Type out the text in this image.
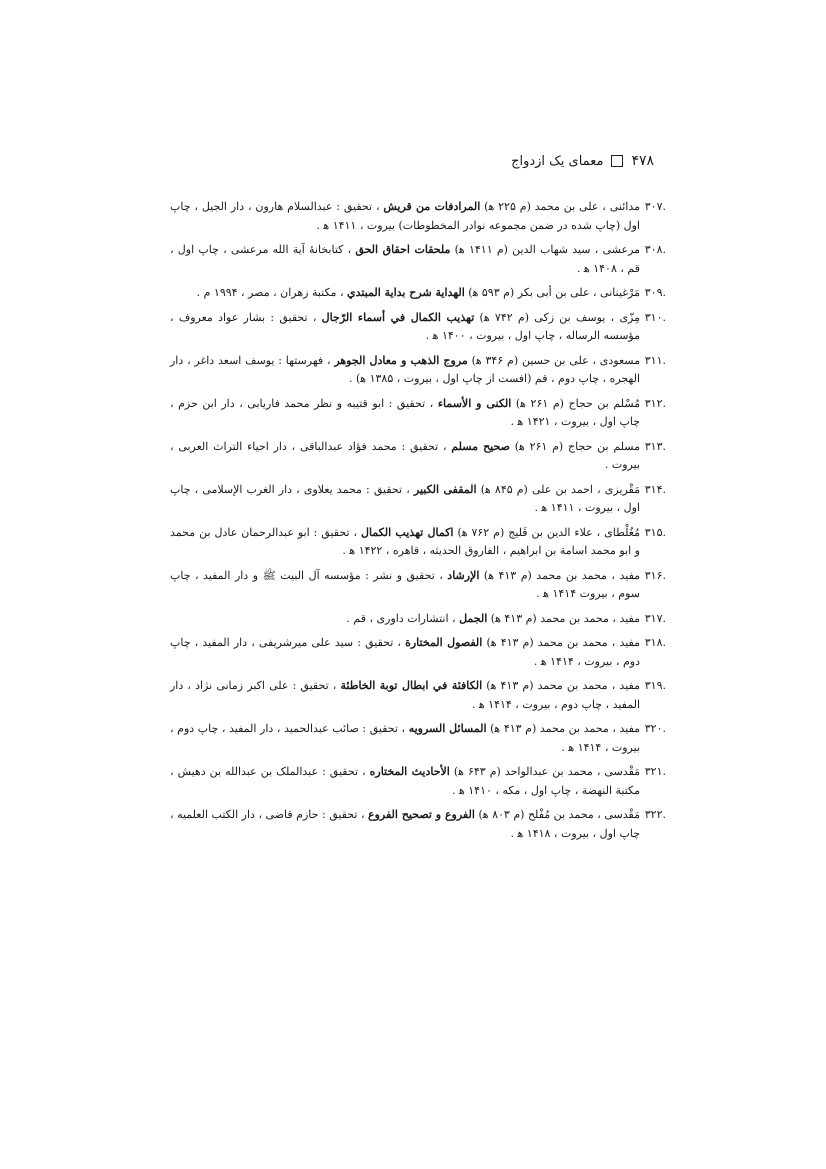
۴۷۸
معمای یک ازدواج
۳۰۷.
مدائنی ، علی بن محمد (م ۲۲۵ ﻫ) المرادفات من قريش ، تحقیق : عبدالسلام هارون ، دار الجیل ، چاپ اول (چاپ شده در ضمن مجموعه نوادر المخطوطات) بیروت ، ۱۴۱۱ ﻫ .
۳۰۸.
مرعشی ، سید شهاب الدین (م ۱۴۱۱ ﻫ) ملحقات احقاق الحق ، کتابخانهٔ آیة الله مرعشی ، چاپ اول ، قم ، ۱۴۰۸ ﻫ .
۳۰۹.
مَرْغینانی ، علی بن أبی بکر (م ۵۹۳ ﻫ) الهداية شرح بداية المبتدي ، مکتبة زهران ، مصر ، ۱۹۹۴ م .
۳۱۰.
مِزّی ، یوسف بن زکی (م ۷۴۲ ﻫ) تهذيب الكمال في أسماء الرّجال ، تحقیق : بشار عواد معروف ، مؤسسه الرساله ، چاپ اول ، بیروت ، ۱۴۰۰ ﻫ .
۳۱۱.
مسعودی ، علی بن حسین (م ۳۴۶ ﻫ) مروج الذهب و معادل الجوهر ، فهرستها : یوسف اسعد داغر ، دار الهجره ، چاپ دوم ، قم (افست از چاپ اول ، بیروت ، ۱۳۸۵ ﻫ) .
۳۱۲.
مُسْلم بن حجاج (م ۲۶۱ ﻫ) الكنى و الأسماء ، تحقیق : ابو قتیبه و نظر محمد فاریابی ، دار ابن حزم ، چاپ اول ، بیروت ، ۱۴۲۱ ﻫ .
۳۱۳.
مسلم بن حجاج (م ۲۶۱ ﻫ) صحيح مسلم ، تحقیق : محمد فؤاد عبدالباقی ، دار احیاء التراث العربی ، بیروت .
۳۱۴.
مَقْریزی ، احمد بن علی (م ۸۴۵ ﻫ) المقفى الكبير ، تحقیق : محمد یعلاوی ، دار الغرب الإسلامی ، چاپ اول ، بیروت ، ۱۴۱۱ ﻫ .
۳۱۵.
مُغُلْطای ، علاء الدین بن قَلیج (م ۷۶۲ ﻫ) اكمال تهذيب الكمال ، تحقیق : ابو عبدالرحمان عادل بن محمد و ابو محمد اسامة بن ابراهیم ، الفاروق الحدیثه ، قاهره ، ۱۴۲۲ ﻫ .
۳۱۶.
مفید ، محمد بن محمد (م ۴۱۳ ﻫ) الإرشاد ، تحقیق و نشر : مؤسسه آل البیت ﷺ و دار المفید ، چاپ سوم ، بیروت ۱۴۱۴ ﻫ .
۳۱۷.
مفید ، محمد بن محمد (م ۴۱۳ ﻫ) الجمل ، انتشارات داوری ، قم .
۳۱۸.
مفید ، محمد بن محمد (م ۴۱۳ ﻫ) الفصول المختارة ، تحقیق : سید علی میرشریفی ، دار المفید ، چاپ دوم ، بیروت ، ۱۴۱۴ ﻫ .
۳۱۹.
مفید ، محمد بن محمد (م ۴۱۳ ﻫ) الكافئة في ابطال توبة الخاطئة ، تحقیق : علی اکبر زمانی نژاد ، دار المفید ، چاپ دوم ، بیروت ، ۱۴۱۴ ﻫ .
۳۲۰.
مفید ، محمد بن محمد (م ۴۱۳ ﻫ) المسائل السرويه ، تحقیق : صائب عبدالحمید ، دار المفید ، چاپ دوم ، بیروت ، ۱۴۱۴ ﻫ .
۳۲۱.
مَقْدسی ، محمد بن عبدالواحد (م ۶۴۳ ﻫ) الأحاديث المختاره ، تحقیق : عبدالملک بن عبدالله بن دهیش ، مکتبة النهضة ، چاپ اول ، مکه ، ۱۴۱۰ ﻫ .
۳۲۲.
مَقْدسی ، محمد بن مُفْلح (م ۸۰۳ ﻫ) الفروع و تصحيح الفروع ، تحقیق : حازم قاضی ، دار الکتب العلمیه ، چاپ اول ، بیروت ، ۱۴۱۸ ﻫ .
